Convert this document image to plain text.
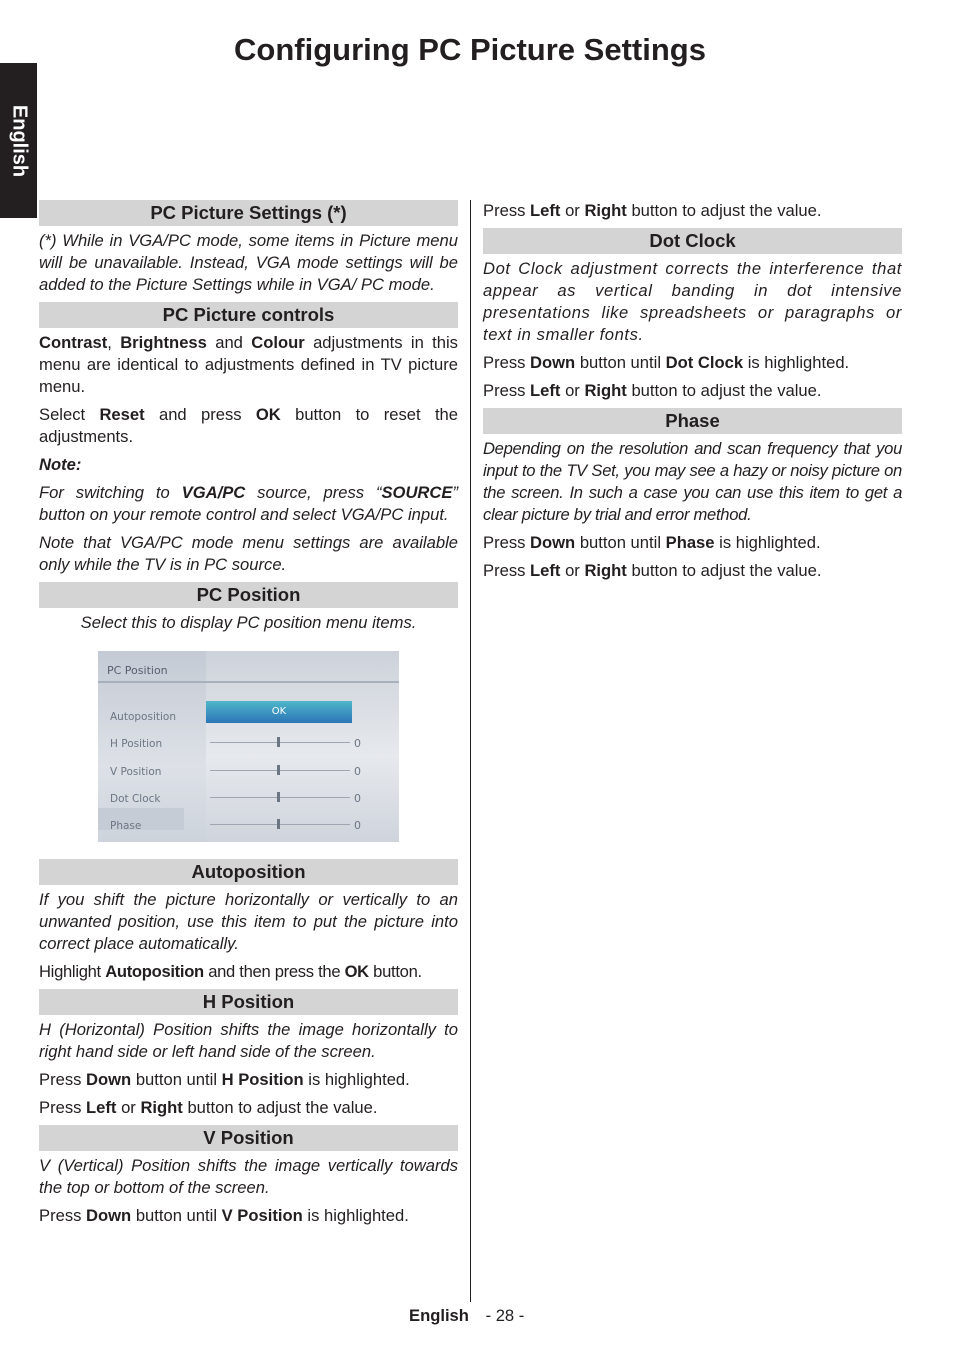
Configuring PC Picture Settings
English
PC Picture Settings (*)
(*) While in VGA/PC mode, some items in Picture menu will be unavailable. Instead, VGA mode settings will be added to the Picture Settings while in VGA/ PC mode.
PC Picture controls
Contrast, Brightness and Colour adjustments in this menu are identical to adjustments defined in TV picture menu.
Select Reset and press OK button to reset the adjustments.
Note:
For switching to VGA/PC source, press “SOURCE” button on your remote control and select VGA/PC input.
Note that VGA/PC mode menu settings are available only while the TV is in PC source.
PC Position
Select this to display PC position menu items.
PC Position
Autoposition
H Position
V Position
Dot Clock
Phase
OK
0
0
0
0
Autoposition
If you shift the picture horizontally or vertically to an unwanted position, use this item to put the picture into correct place automatically.
Highlight Autoposition and then press the OK button.
H Position
H (Horizontal) Position shifts the image horizontally to right hand side or left hand side of the screen.
Press Down button until H Position is highlighted.
Press Left or Right button to adjust the value.
V Position
V (Vertical) Position shifts the image vertically towards the top or bottom of the screen.
Press Down button until V Position is highlighted.
Press Left or Right button to adjust the value.
Dot Clock
Dot Clock adjustment corrects the interference that appear as vertical banding in dot intensive presentations like spreadsheets or paragraphs or text in smaller fonts.
Press Down button until Dot Clock is highlighted.
Press Left or Right button to adjust the value.
Phase
Depending on the resolution and scan frequency that you input to the TV Set, you may see a hazy or noisy picture on the screen. In such a case you can use this item to get a clear picture by trial and error method.
Press Down button until Phase is highlighted.
Press Left or Right button to adjust the value.
English - 28 -
